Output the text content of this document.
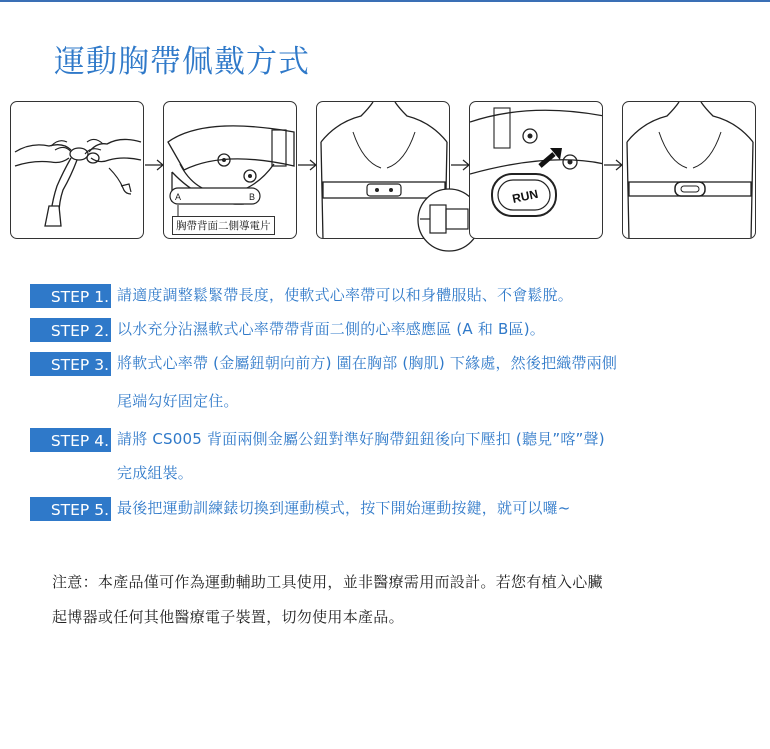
運動胸帶佩戴方式
A	B
胸帶背面二側導電片
RUN
STEP 1. 請適度調整鬆緊帶長度，使軟式心率帶可以和身體服貼、不會鬆脫。
STEP 2. 以水充分沾濕軟式心率帶帶背面二側的心率感應區 (A 和 B區)。
STEP 3. 將軟式心率帶 (金屬鈕朝向前方) 圍在胸部 (胸肌) 下緣處，然後把織帶兩側
尾端勾好固定住。
STEP 4. 請將 CS005 背面兩側金屬公鈕對準好胸帶鈕鈕後向下壓扣 (聽見”喀”聲)
完成組裝。
STEP 5. 最後把運動訓練錶切換到運動模式，按下開始運動按鍵，就可以囉~
注意：本產品僅可作為運動輔助工具使用，並非醫療需用而設計。若您有植入心臟
起博器或任何其他醫療電子裝置，切勿使用本產品。
